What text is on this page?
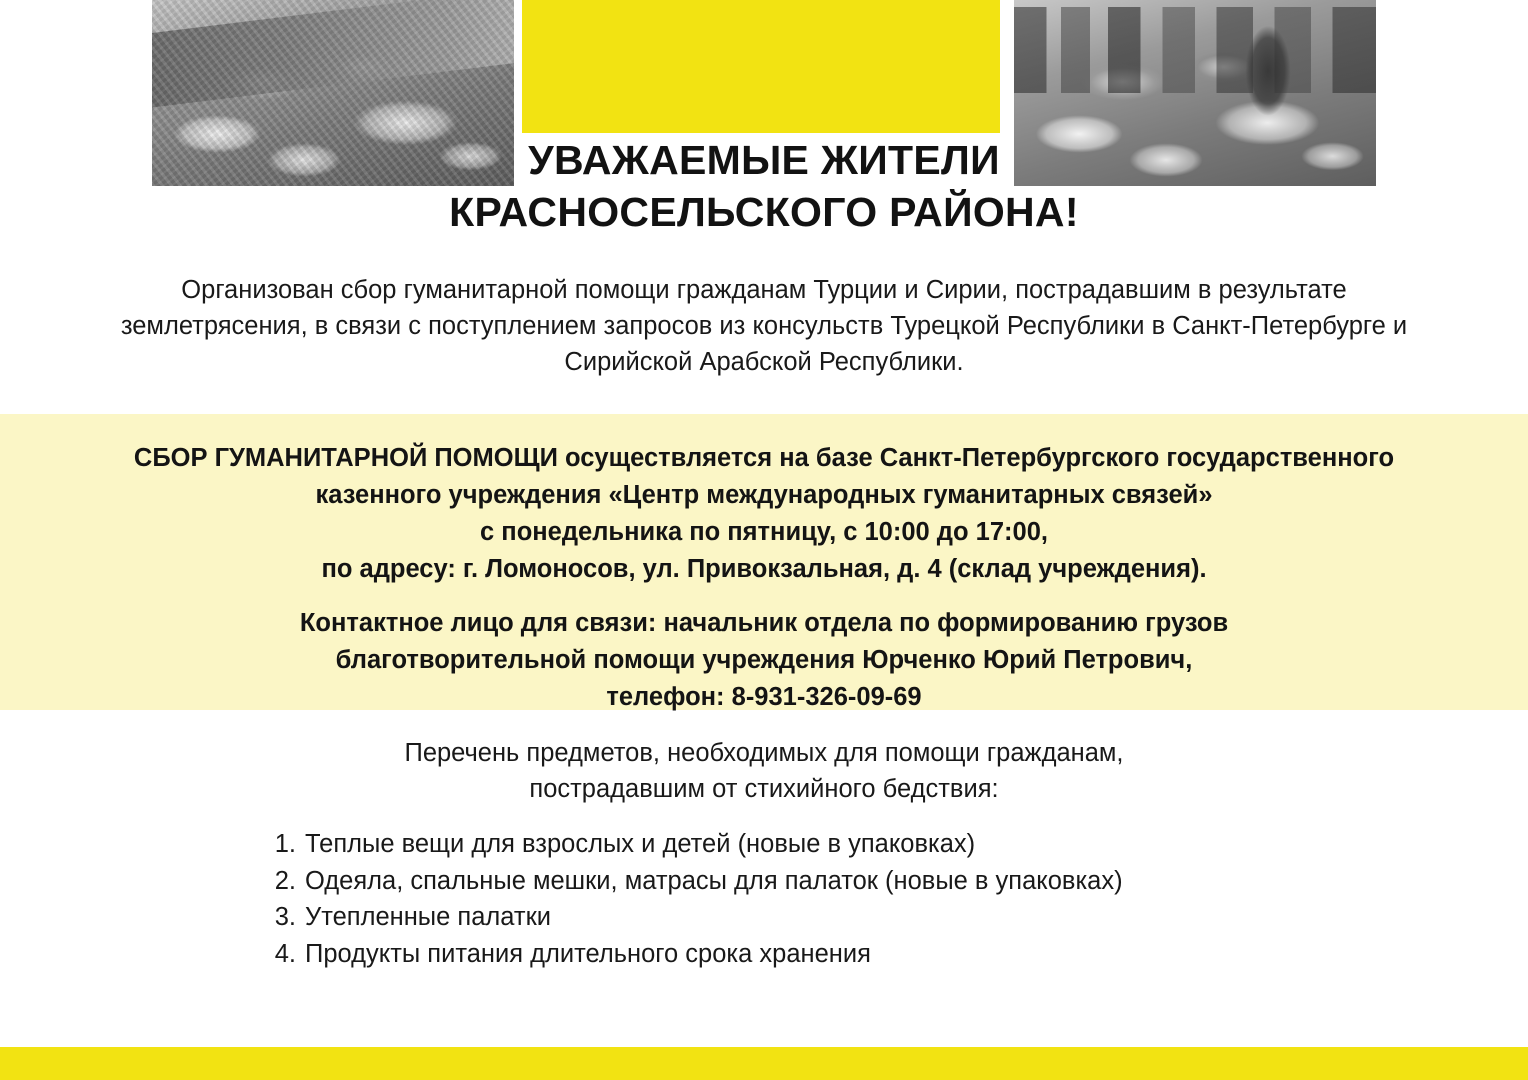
УВАЖАЕМЫЕ ЖИТЕЛИ
КРАСНОСЕЛЬСКОГО РАЙОНА!
Организован сбор гуманитарной помощи гражданам Турции и Сирии, пострадавшим в результате землетрясения, в связи с поступлением запросов из консульств Турецкой Республики в Санкт-Петербурге и Сирийской Арабской Республики.

СБОР ГУМАНИТАРНОЙ ПОМОЩИ осуществляется на базе Санкт-Петербургского государственного казенного учреждения «Центр международных гуманитарных связей»

с понедельника по пятницу, с 10:00 до 17:00,

по адресу: г. Ломоносов, ул. Привокзальная, д. 4 (склад учреждения).

Контактное лицо для связи: начальник отдела по формированию грузов

благотворительной помощи учреждения Юрченко Юрий Петрович,

телефон: 8-931-326-09-69

Перечень предметов, необходимых для помощи гражданам,
пострадавшим от стихийного бедствия:
1. Теплые вещи для взрослых и детей (новые в упаковках)
2. Одеяла, спальные мешки, матрасы для палаток (новые в упаковках)
3. Утепленные палатки
4. Продукты питания длительного срока хранения
